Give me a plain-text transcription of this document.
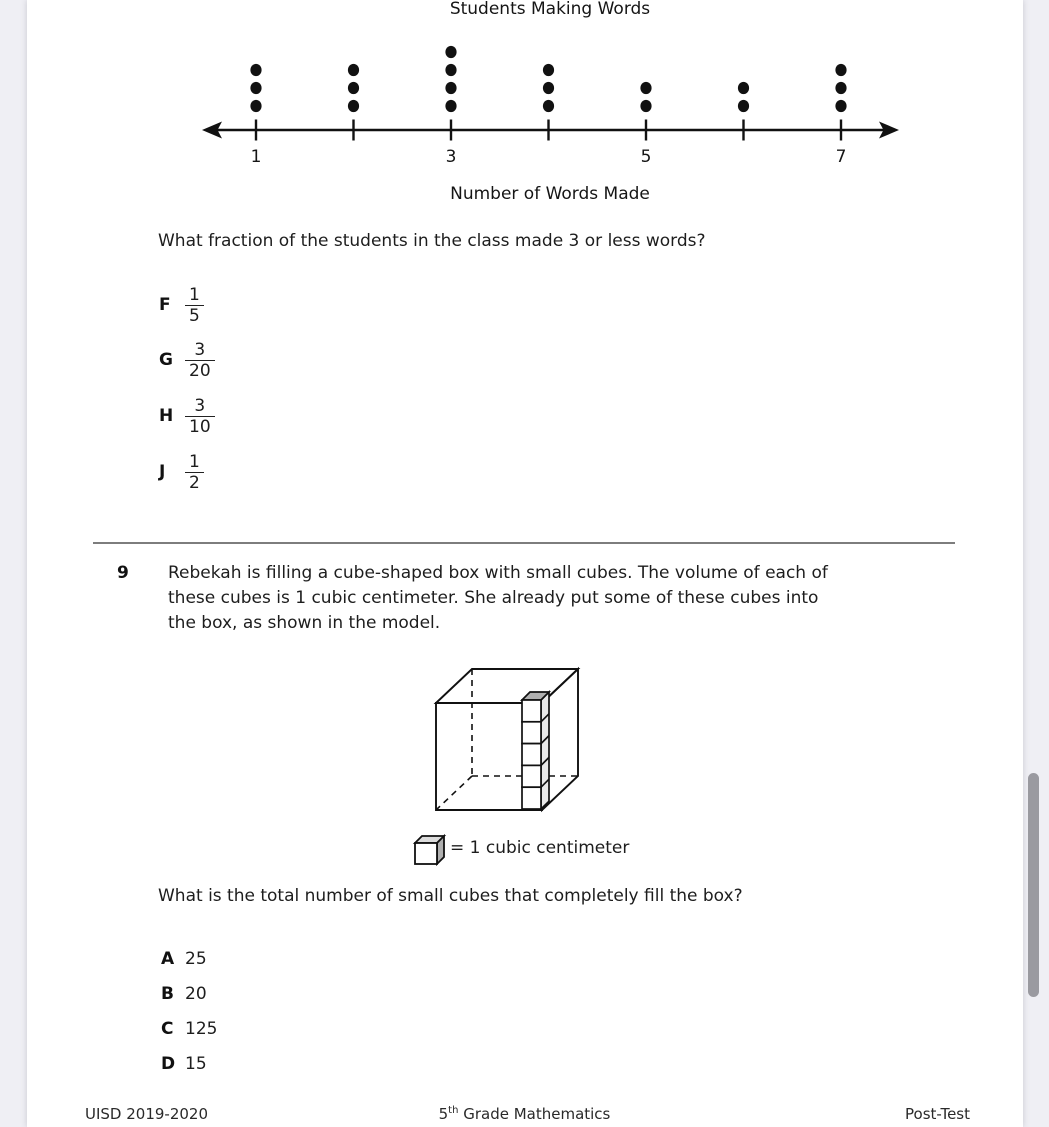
Students Making Words
1	3	5	7
Number of Words Made
What fraction of the students in the class made 3 or less words?
F $\frac{1}{5}$
G $\frac{3}{20}$
H $\frac{3}{10}$
J	$\frac{1}{2}$
9 Rebekah is filling a cube-shaped box with small cubes. The volume of each of
these cubes is 1 cubic centimeter. She already put some of these cubes into
the box, as shown in the model.
= 1 cubic centimeter
What is the total number of small cubes that completely fill the box?
A 25
B 20
C 125
D 15
UISD 2019-2020	5th Grade Mathematics	Post-Test
